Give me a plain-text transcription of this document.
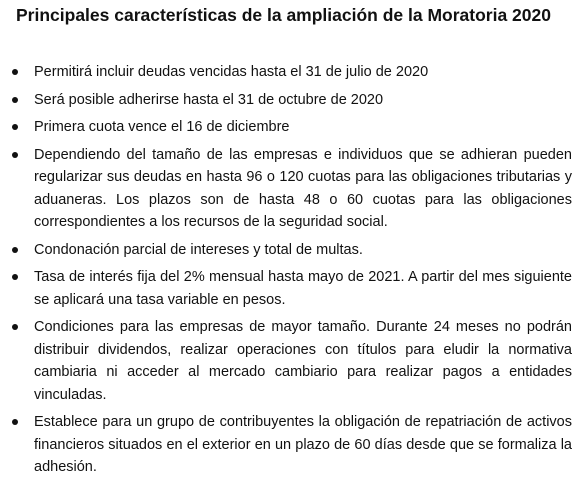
Principales características de la ampliación de la Moratoria 2020
Permitirá incluir deudas vencidas hasta el 31 de julio de 2020
Será posible adherirse hasta el 31 de octubre de 2020
Primera cuota vence el 16 de diciembre
Dependiendo del tamaño de las empresas e individuos que se adhieran pueden regularizar sus deudas en hasta 96 o 120 cuotas para las obligaciones tributarias y aduaneras. Los plazos son de hasta 48 o 60 cuotas para las obligaciones correspondientes a los recursos de la seguridad social.
Condonación parcial de intereses y total de multas.
Tasa de interés fija del 2% mensual hasta mayo de 2021. A partir del mes siguiente se aplicará una tasa variable en pesos.
Condiciones para las empresas de mayor tamaño. Durante 24 meses no podrán distribuir dividendos, realizar operaciones con títulos para eludir la normativa cambiaria ni acceder al mercado cambiario para realizar pagos a entidades vinculadas.
Establece para un grupo de contribuyentes la obligación de repatriación de activos financieros situados en el exterior en un plazo de 60 días desde que se formaliza la adhesión.
